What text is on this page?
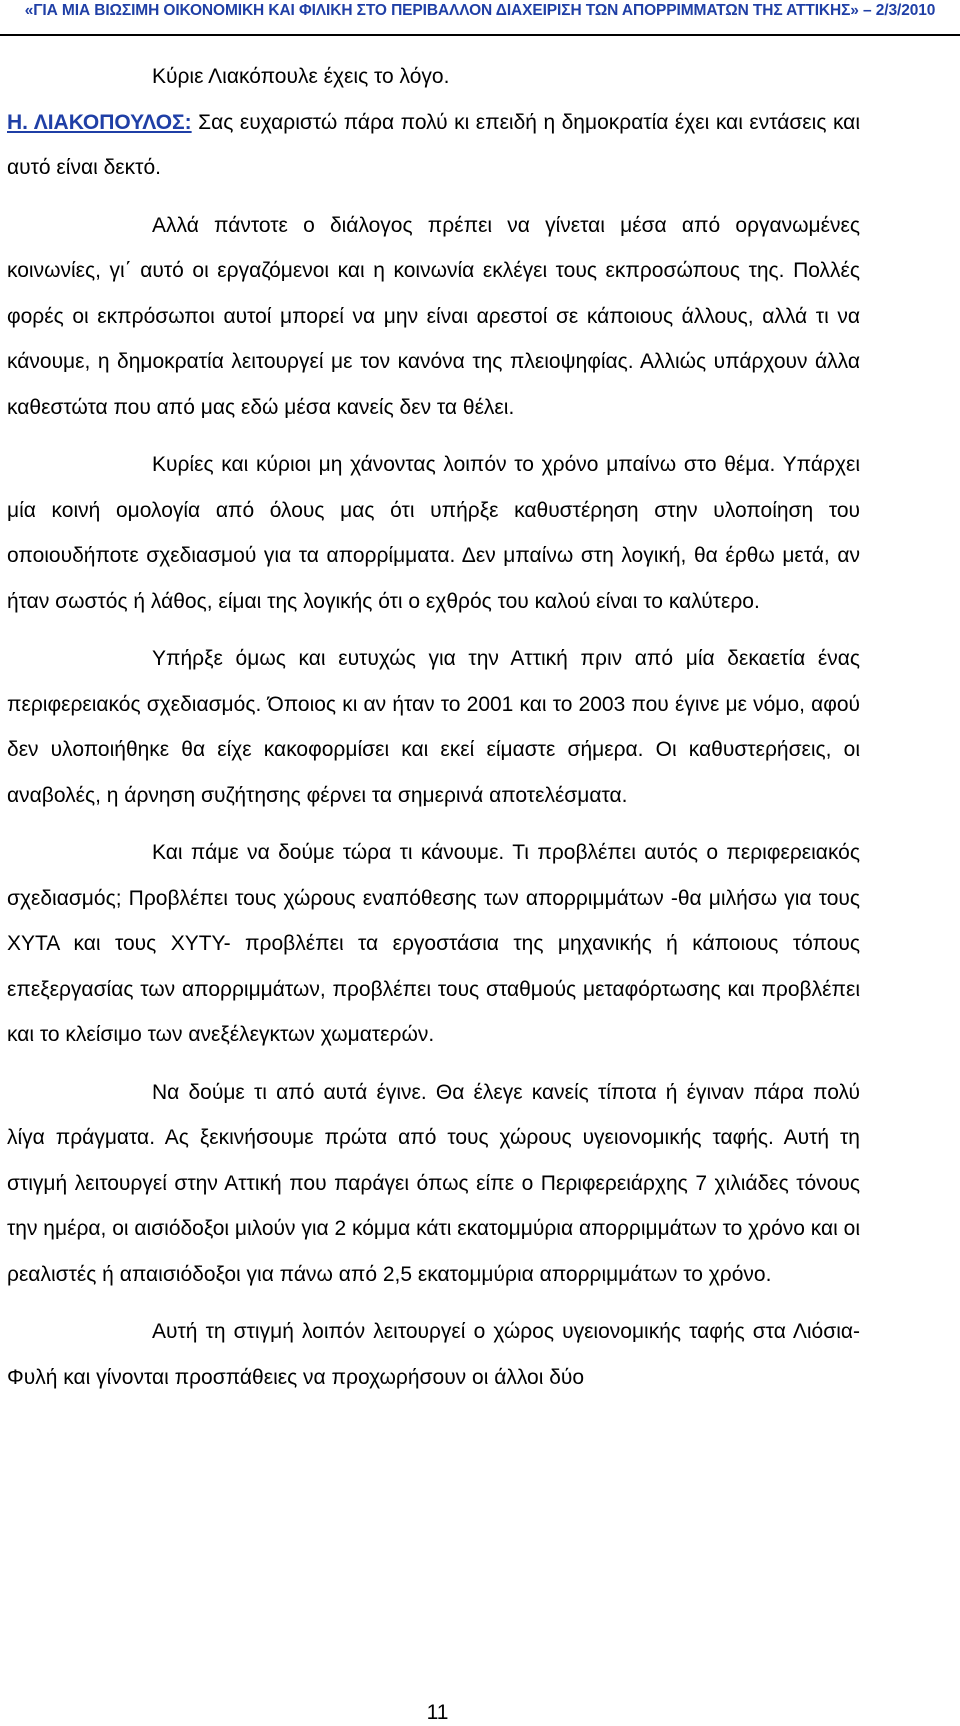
«ΓΙΑ ΜΙΑ ΒΙΩΣΙΜΗ ΟΙΚΟΝΟΜΙΚΗ ΚΑΙ ΦΙΛΙΚΗ ΣΤΟ ΠΕΡΙΒΑΛΛΟΝ ΔΙΑΧΕΙΡΙΣΗ ΤΩΝ ΑΠΟΡΡΙΜΜΑΤΩΝ ΤΗΣ ΑΤΤΙΚΗΣ» – 2/3/2010

Κύριε Λιακόπουλε έχεις το λόγο.

Η. ΛΙΑΚΟΠΟΥΛΟΣ: Σας ευχαριστώ πάρα πολύ κι επειδή η δημοκρατία έχει και εντάσεις και αυτό είναι δεκτό.

Αλλά πάντοτε ο διάλογος πρέπει να γίνεται μέσα από οργανωμένες κοινωνίες, γι΄ αυτό οι εργαζόμενοι και η κοινωνία εκλέγει τους εκπροσώπους της. Πολλές φορές οι εκπρόσωποι αυτοί μπορεί να μην είναι αρεστοί σε κάποιους άλλους, αλλά τι να κάνουμε, η δημοκρατία λειτουργεί με τον κανόνα της πλειοψηφίας. Αλλιώς υπάρχουν άλλα καθεστώτα που από μας εδώ μέσα κανείς δεν τα θέλει.

Κυρίες και κύριοι μη χάνοντας λοιπόν το χρόνο μπαίνω στο θέμα. Υπάρχει μία κοινή ομολογία από όλους μας ότι υπήρξε καθυστέρηση στην υλοποίηση του οποιουδήποτε σχεδιασμού για τα απορρίμματα. Δεν μπαίνω στη λογική, θα έρθω μετά, αν ήταν σωστός ή λάθος, είμαι της λογικής ότι ο εχθρός του καλού είναι το καλύτερο.

Υπήρξε όμως και ευτυχώς για την Αττική πριν από μία δεκαετία ένας περιφερειακός σχεδιασμός. Όποιος κι αν ήταν το 2001 και το 2003 που έγινε με νόμο, αφού δεν υλοποιήθηκε θα είχε κακοφορμίσει και εκεί είμαστε σήμερα. Οι καθυστερήσεις, οι αναβολές, η άρνηση συζήτησης φέρνει τα σημερινά αποτελέσματα.

Και πάμε να δούμε τώρα τι κάνουμε. Τι προβλέπει αυτός ο περιφερειακός σχεδιασμός; Προβλέπει τους χώρους εναπόθεσης των απορριμμάτων -θα μιλήσω για τους ΧΥΤΑ και τους ΧΥΤΥ- προβλέπει τα εργοστάσια της μηχανικής ή κάποιους τόπους επεξεργασίας των απορριμμάτων, προβλέπει τους σταθμούς μεταφόρτωσης και προβλέπει και το κλείσιμο των ανεξέλεγκτων χωματερών.

Να δούμε τι από αυτά έγινε. Θα έλεγε κανείς τίποτα ή έγιναν πάρα πολύ λίγα πράγματα. Ας ξεκινήσουμε πρώτα από τους χώρους υγειονομικής ταφής. Αυτή τη στιγμή λειτουργεί στην Αττική που παράγει όπως είπε ο Περιφερειάρχης 7 χιλιάδες τόνους την ημέρα, οι αισιόδοξοι μιλούν για 2 κόμμα κάτι εκατομμύρια απορριμμάτων το χρόνο και οι ρεαλιστές ή απαισιόδοξοι για πάνω από 2,5 εκατομμύρια απορριμμάτων το χρόνο.

Αυτή τη στιγμή λοιπόν λειτουργεί ο χώρος υγειονομικής ταφής στα Λιόσια-Φυλή και γίνονται προσπάθειες να προχωρήσουν οι άλλοι δύο

11
